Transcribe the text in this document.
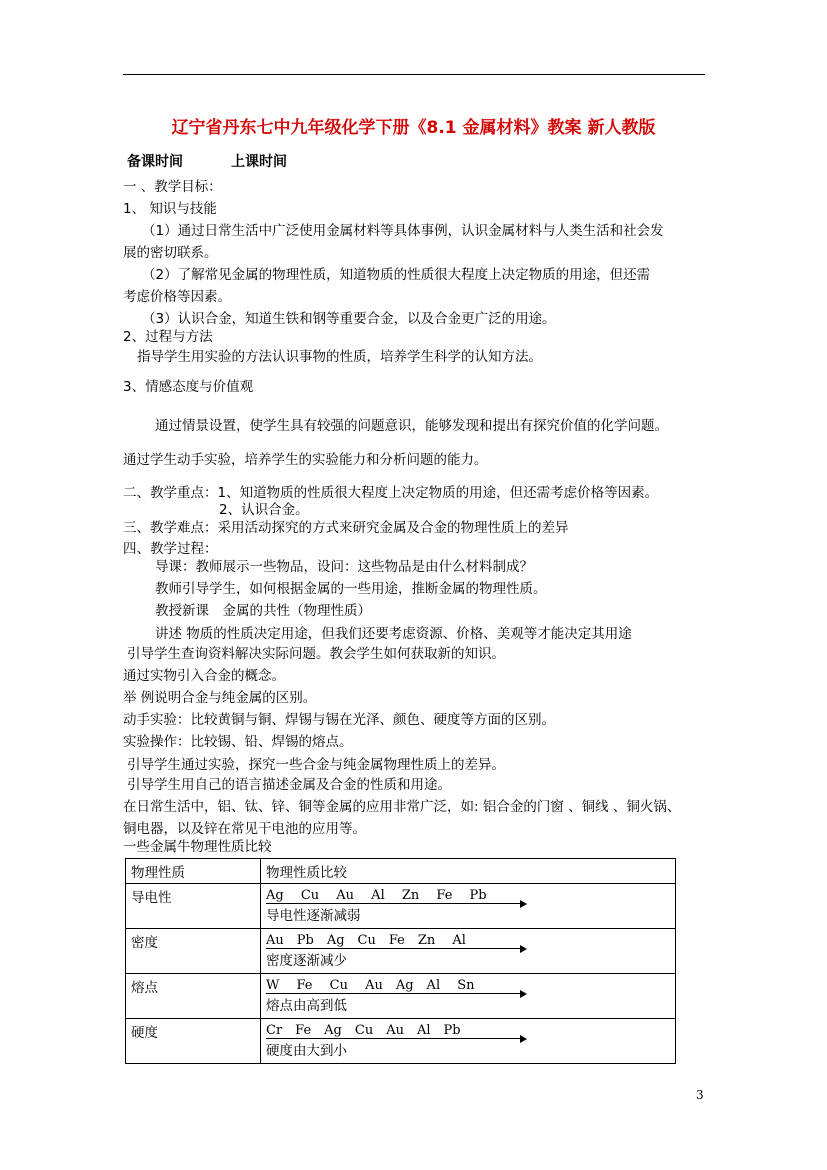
辽宁省丹东七中九年级化学下册《8.1 金属材料》教案 新人教版
备课时间	上课时间
一 、教学目标：
1、 知识与技能
（1）通过日常生活中广泛使用金属材料等具体事例，认识金属材料与人类生活和社会发
展的密切联系。
（2）了解常见金属的物理性质，知道物质的性质很大程度上决定物质的用途，但还需
考虑价格等因素。
（3）认识合金，知道生铁和钢等重要合金，以及合金更广泛的用途。
2、过程与方法
指导学生用实验的方法认识事物的性质，培养学生科学的认知方法。
3、情感态度与价值观
通过情景设置，使学生具有较强的问题意识，能够发现和提出有探究价值的化学问题。
通过学生动手实验，培养学生的实验能力和分析问题的能力。
二、教学重点：1、知道物质的性质很大程度上决定物质的用途，但还需考虑价格等因素。
2、认识合金。
三、教学难点：采用活动探究的方式来研究金属及合金的物理性质上的差异
四、教学过程：
导课：教师展示一些物品，设问：这些物品是由什么材料制成？
教师引导学生，如何根据金属的一些用途，推断金属的物理性质。
教授新课　金属的共性（物理性质）
讲述 物质的性质决定用途，但我们还要考虑资源、价格、美观等才能决定其用途
引导学生查询资料解决实际问题。教会学生如何获取新的知识。
通过实物引入合金的概念。
举 例说明合金与纯金属的区别。
动手实验：比较黄铜与铜、焊锡与锡在光泽、颜色、硬度等方面的区别。
实验操作：比较锡、铅、焊锡的熔点。
引导学生通过实验，探究一些合金与纯金属物理性质上的差异。
引导学生用自己的语言描述金属及合金的性质和用途。
在日常生活中，铝、钛、锌、铜等金属的应用非常广泛，如: 铝合金的门窗 、铜线 、铜火锅、
铜电器，以及锌在常见干电池的应用等。
一些金属牛物理性质比较
物理性质	物理性质比较
导电性	Ag　 Cu　 Au　 Al　 Zn　 Fe　 Pb
导电性逐渐减弱

密度	Au　Pb　Ag　Cu　Fe　Zn　 Al
密度逐渐减少

熔点	W　 Fe　 Cu　 Au　Ag　Al　 Sn
熔点由高到低

硬度	Cr　Fe　Ag　Cu　Au　Al　Pb
硬度由大到小
3
